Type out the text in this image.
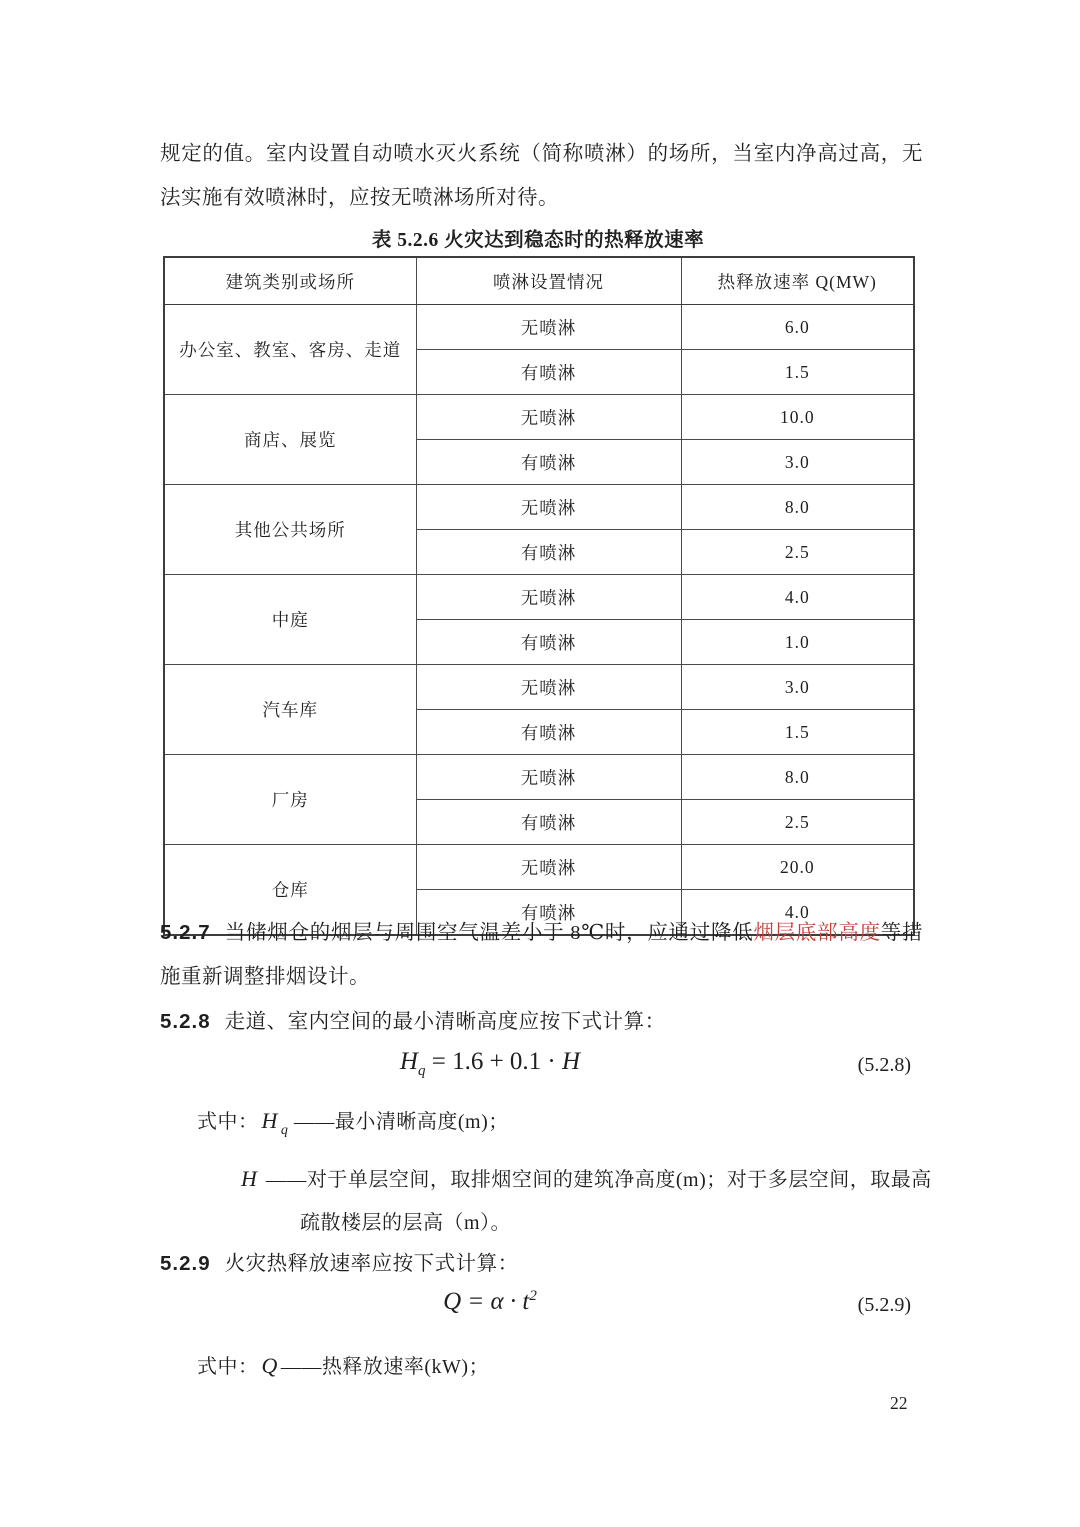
规定的值。室内设置自动喷水灭火系统（简称喷淋）的场所，当室内净高过高，无法实施有效喷淋时，应按无喷淋场所对待。
表 5.2.6 火灾达到稳态时的热释放速率
建筑类别或场所	喷淋设置情况	热释放速率 Q(MW)
办公室、教室、客房、走道	无喷淋	6.0
	有喷淋	1.5
商店、展览	无喷淋	10.0
	有喷淋	3.0
其他公共场所	无喷淋	8.0
	有喷淋	2.5
中庭	无喷淋	4.0
	有喷淋	1.0
汽车库	无喷淋	3.0
	有喷淋	1.5
厂房	无喷淋	8.0
	有喷淋	2.5
仓库	无喷淋	20.0
	有喷淋	4.0
5.2.7 当储烟仓的烟层与周围空气温差小于 8℃时，应通过降低烟层底部高度等措施重新调整排烟设计。
5.2.8 走道、室内空间的最小清晰高度应按下式计算：
$H_q = 1.6 + 0.1 \cdot H$	(5.2.8)
式中： H $_q$ ——最小清晰高度(m)；
H ——对于单层空间，取排烟空间的建筑净高度(m)；对于多层空间，取最高
疏散楼层的层高（m）。
5.2.9 火灾热释放速率应按下式计算：
$Q = \alpha \cdot t^2$	(5.2.9)
式中： Q ——热释放速率(kW)；
22
